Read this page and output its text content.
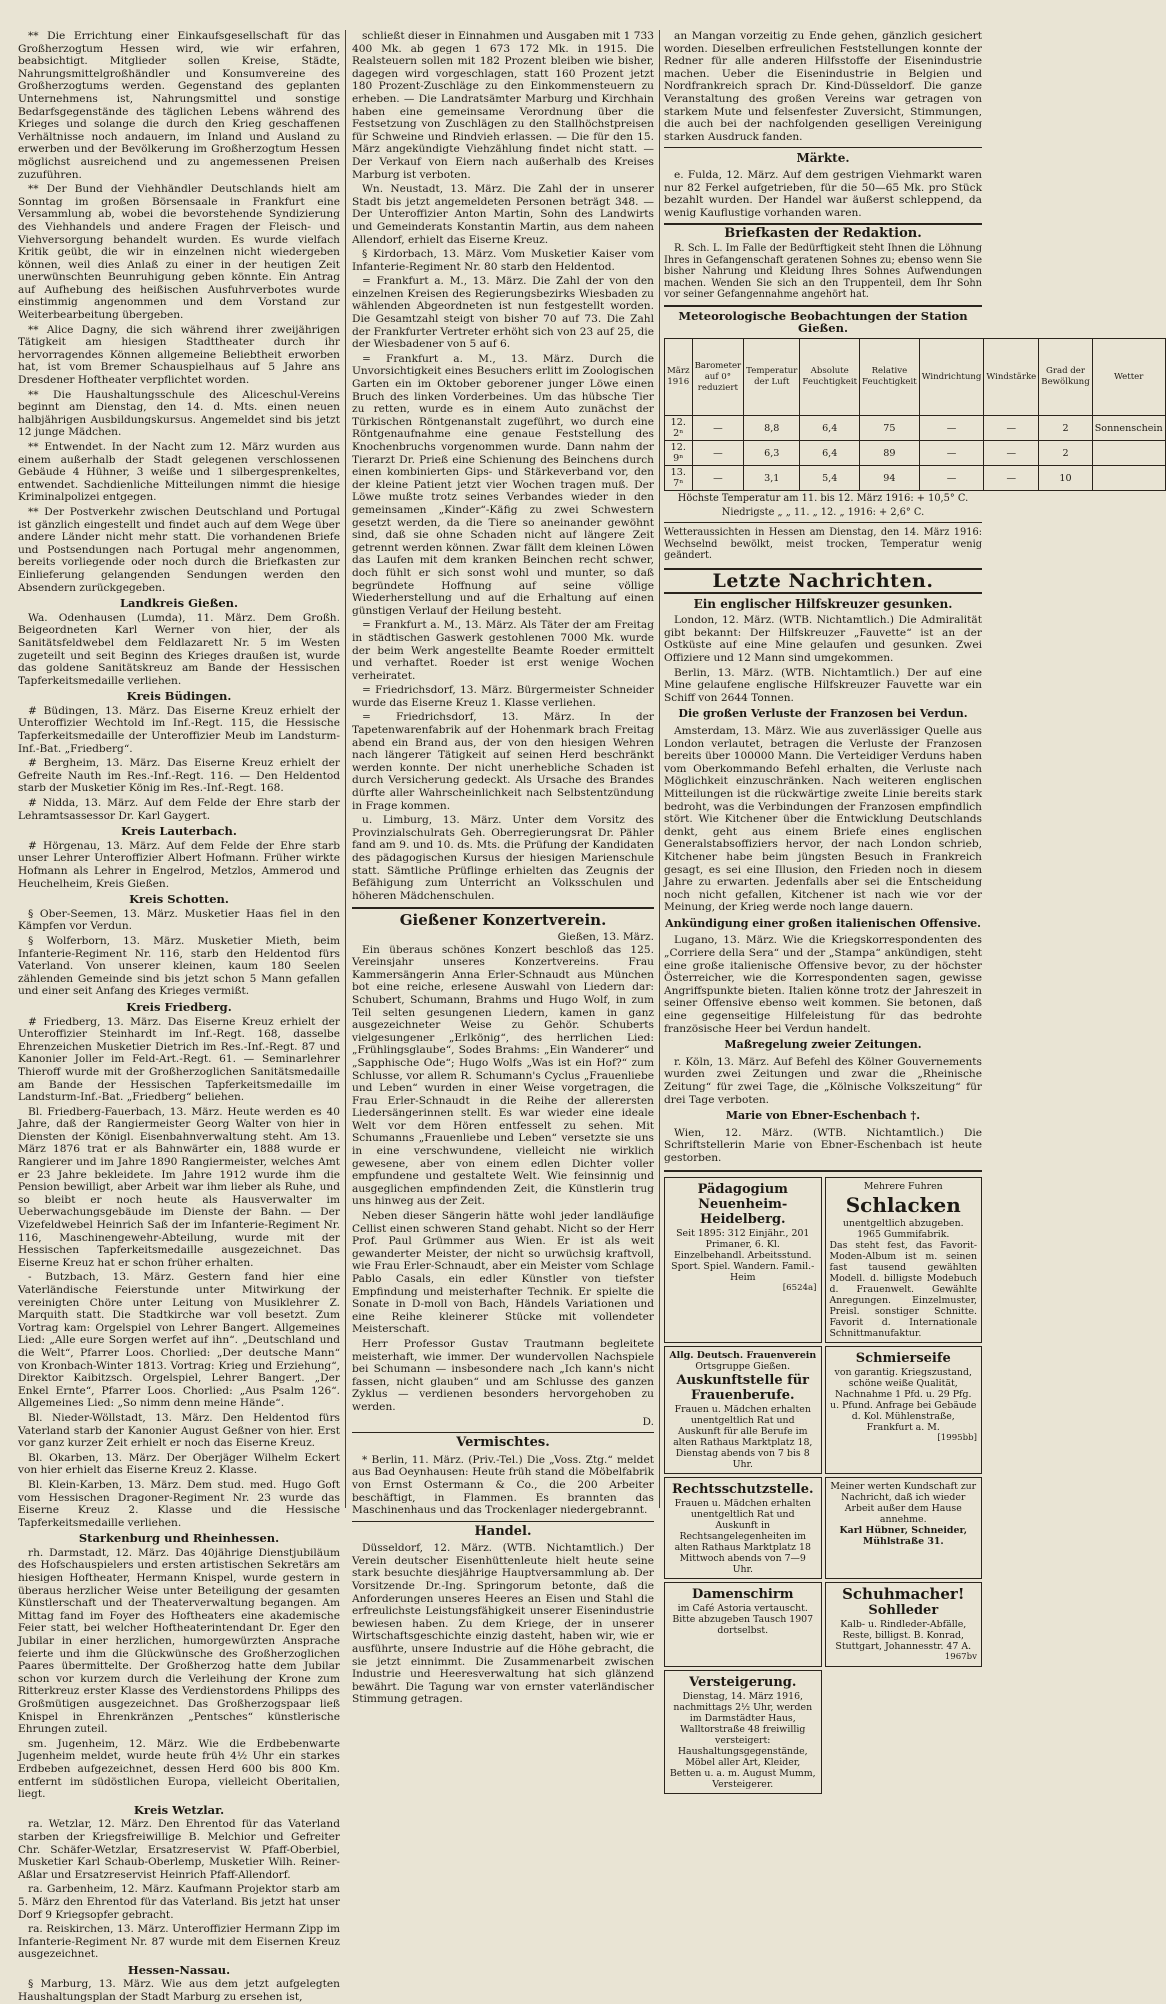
** Die Errichtung einer Einkaufsgesellschaft für das Großherzogtum Hessen wird, wie wir erfahren, beabsichtigt. Mitglieder sollen Kreise, Städte, Nahrungsmittelgroßhändler und Konsumvereine des Großherzogtums werden. Gegenstand des geplanten Unternehmens ist, Nahrungsmittel und sonstige Bedarfsgegenstände des täglichen Lebens während des Krieges und solange die durch den Krieg geschaffenen Verhältnisse noch andauern, im Inland und Ausland zu erwerben und der Bevölkerung im Großherzogtum Hessen möglichst ausreichend und zu angemessenen Preisen zuzuführen.

** Der Bund der Viehhändler Deutschlands hielt am Sonntag im großen Börsensaale in Frankfurt eine Versammlung ab, wobei die bevorstehende Syndizierung des Viehhandels und andere Fragen der Fleisch- und Viehversorgung behandelt wurden. Es wurde vielfach Kritik geübt, die wir in einzelnen nicht wiedergeben können, weil dies Anlaß zu einer in der heutigen Zeit unerwünschten Beunruhigung geben könnte. Ein Antrag auf Aufhebung des heißischen Ausfuhrverbotes wurde einstimmig angenommen und dem Vorstand zur Weiterbearbeitung übergeben.

** Alice Dagny, die sich während ihrer zweijährigen Tätigkeit am hiesigen Stadttheater durch ihr hervorragendes Können allgemeine Beliebtheit erworben hat, ist vom Bremer Schauspielhaus auf 5 Jahre ans Dresdener Hoftheater verpflichtet worden.

** Die Haushaltungsschule des Aliceschul-Vereins beginnt am Dienstag, den 14. d. Mts. einen neuen halbjährigen Ausbildungskursus. Angemeldet sind bis jetzt 12 junge Mädchen.

** Entwendet. In der Nacht zum 12. März wurden aus einem außerhalb der Stadt gelegenen verschlossenen Gebäude 4 Hühner, 3 weiße und 1 silbergesprenkeltes, entwendet. Sachdienliche Mitteilungen nimmt die hiesige Kriminalpolizei entgegen.

** Der Postverkehr zwischen Deutschland und Portugal ist gänzlich eingestellt und findet auch auf dem Wege über andere Länder nicht mehr statt. Die vorhandenen Briefe und Postsendungen nach Portugal mehr angenommen, bereits vorliegende oder noch durch die Briefkasten zur Einlieferung gelangenden Sendungen werden den Absendern zurückgegeben.

Landkreis Gießen.

Wa. Odenhausen (Lumda), 11. März. Dem Großh. Beigeordneten Karl Werner von hier, der als Sanitätsfeldwebel dem Feldlazarett Nr. 5 im Westen zugeteilt und seit Beginn des Krieges draußen ist, wurde das goldene Sanitätskreuz am Bande der Hessischen Tapferkeitsmedaille verliehen.

Kreis Büdingen.

# Büdingen, 13. März. Das Eiserne Kreuz erhielt der Unteroffizier Wechtold im Inf.-Regt. 115, die Hessische Tapferkeitsmedaille der Unteroffizier Meub im Landsturm-Inf.-Bat. „Friedberg“.

# Bergheim, 13. März. Das Eiserne Kreuz erhielt der Gefreite Nauth im Res.-Inf.-Regt. 116. — Den Heldentod starb der Musketier König im Res.-Inf.-Regt. 168.

# Nidda, 13. März. Auf dem Felde der Ehre starb der Lehramtsassessor Dr. Karl Gaygert.

Kreis Lauterbach.

# Hörgenau, 13. März. Auf dem Felde der Ehre starb unser Lehrer Unteroffizier Albert Hofmann. Früher wirkte Hofmann als Lehrer in Engelrod, Metzlos, Ammerod und Heuchelheim, Kreis Gießen.

Kreis Schotten.

§ Ober-Seemen, 13. März. Musketier Haas fiel in den Kämpfen vor Verdun.

§ Wolferborn, 13. März. Musketier Mieth, beim Infanterie-Regiment Nr. 116, starb den Heldentod fürs Vaterland. Von unserer kleinen, kaum 180 Seelen zählenden Gemeinde sind bis jetzt schon 5 Mann gefallen und einer seit Anfang des Krieges vermißt.

Kreis Friedberg.

# Friedberg, 13. März. Das Eiserne Kreuz erhielt der Unteroffizier Steinhardt im Inf.-Regt. 168, dasselbe Ehrenzeichen Musketier Dietrich im Res.-Inf.-Regt. 87 und Kanonier Joller im Feld-Art.-Regt. 61. — Seminarlehrer Thieroff wurde mit der Großherzoglichen Sanitätsmedaille am Bande der Hessischen Tapferkeitsmedaille im Landsturm-Inf.-Bat. „Friedberg“ beliehen.

Bl. Friedberg-Fauerbach, 13. März. Heute werden es 40 Jahre, daß der Rangiermeister Georg Walter von hier in Diensten der Königl. Eisenbahnverwaltung steht. Am 13. März 1876 trat er als Bahnwärter ein, 1888 wurde er Rangierer und im Jahre 1890 Rangiermeister, welches Amt er 23 Jahre bekleidete. Im Jahre 1912 wurde ihm die Pension bewilligt, aber Arbeit war ihm lieber als Ruhe, und so bleibt er noch heute als Hausverwalter im Ueberwachungsgebäude im Dienste der Bahn. — Der Vizefeldwebel Heinrich Saß der im Infanterie-Regiment Nr. 116, Maschinengewehr-Abteilung, wurde mit der Hessischen Tapferkeitsmedaille ausgezeichnet. Das Eiserne Kreuz hat er schon früher erhalten.

- Butzbach, 13. März. Gestern fand hier eine Vaterländische Feierstunde unter Mitwirkung der vereinigten Chöre unter Leitung von Musiklehrer Z. Marquith statt. Die Stadtkirche war voll besetzt. Zum Vortrag kam: Orgelspiel von Lehrer Bangert. Allgemeines Lied: „Alle eure Sorgen werfet auf ihn“. „Deutschland und die Welt“, Pfarrer Loos. Chorlied: „Der deutsche Mann“ von Kronbach-Winter 1813. Vortrag: Krieg und Erziehung“, Direktor Kaibitzsch. Orgelspiel, Lehrer Bangert. „Der Enkel Ernte“, Pfarrer Loos. Chorlied: „Aus Psalm 126“. Allgemeines Lied: „So nimm denn meine Hände“.

Bl. Nieder-Wöllstadt, 13. März. Den Heldentod fürs Vaterland starb der Kanonier August Geßner von hier. Erst vor ganz kurzer Zeit erhielt er noch das Eiserne Kreuz.

Bl. Okarben, 13. März. Der Oberjäger Wilhelm Eckert von hier erhielt das Eiserne Kreuz 2. Klasse.

Bl. Klein-Karben, 13. März. Dem stud. med. Hugo Goft vom Hessischen Dragoner-Regiment Nr. 23 wurde das Eiserne Kreuz 2. Klasse und die Hessische Tapferkeitsmedaille verliehen.

Starkenburg und Rheinhessen.

rh. Darmstadt, 12. März. Das 40jährige Dienstjubiläum des Hofschauspielers und ersten artistischen Sekretärs am hiesigen Hoftheater, Hermann Knispel, wurde gestern in überaus herzlicher Weise unter Beteiligung der gesamten Künstlerschaft und der Theaterverwaltung begangen. Am Mittag fand im Foyer des Hoftheaters eine akademische Feier statt, bei welcher Hoftheaterintendant Dr. Eger den Jubilar in einer herzlichen, humorgewürzten Ansprache feierte und ihm die Glückwünsche des Großherzoglichen Paares übermittelte. Der Großherzog hatte dem Jubilar schon vor kurzem durch die Verleihung der Krone zum Ritterkreuz erster Klasse des Verdienstordens Philipps des Großmütigen ausgezeichnet. Das Großherzogspaar ließ Knispel in Ehrenkränzen „Pentsches“ künstlerische Ehrungen zuteil.

sm. Jugenheim, 12. März. Wie die Erdbebenwarte Jugenheim meldet, wurde heute früh 4½ Uhr ein starkes Erdbeben aufgezeichnet, dessen Herd 600 bis 800 Km. entfernt im südöstlichen Europa, vielleicht Oberitalien, liegt.

Kreis Wetzlar.

ra. Wetzlar, 12. März. Den Ehrentod für das Vaterland starben der Kriegsfreiwillige B. Melchior und Gefreiter Chr. Schäfer-Wetzlar, Ersatzreservist W. Pfaff-Oberbiel, Musketier Karl Schaub-Oberlemp, Musketier Wilh. Reiner-Aßlar und Ersatzreservist Heinrich Pfaff-Allendorf.

ra. Garbenheim, 12. März. Kaufmann Projektor starb am 5. März den Ehrentod für das Vaterland. Bis jetzt hat unser Dorf 9 Kriegsopfer gebracht.

ra. Reiskirchen, 13. März. Unteroffizier Hermann Zipp im Infanterie-Regiment Nr. 87 wurde mit dem Eisernen Kreuz ausgezeichnet.

Hessen-Nassau.

§ Marburg, 13. März. Wie aus dem jetzt aufgelegten Haushaltungsplan der Stadt Marburg zu ersehen ist,

schließt dieser in Einnahmen und Ausgaben mit 1 733 400 Mk. ab gegen 1 673 172 Mk. in 1915. Die Realsteuern sollen mit 182 Prozent bleiben wie bisher, dagegen wird vorgeschlagen, statt 160 Prozent jetzt 180 Prozent-Zuschläge zu den Einkommensteuern zu erheben. — Die Landratsämter Marburg und Kirchhain haben eine gemeinsame Verordnung über die Festsetzung von Zuschlägen zu den Stallhöchstpreisen für Schweine und Rindvieh erlassen. — Die für den 15. März angekündigte Viehzählung findet nicht statt. — Der Verkauf von Eiern nach außerhalb des Kreises Marburg ist verboten.

Wn. Neustadt, 13. März. Die Zahl der in unserer Stadt bis jetzt angemeldeten Personen beträgt 348. — Der Unteroffizier Anton Martin, Sohn des Landwirts und Gemeinderats Konstantin Martin, aus dem naheen Allendorf, erhielt das Eiserne Kreuz.

§ Kirdorbach, 13. März. Vom Musketier Kaiser vom Infanterie-Regiment Nr. 80 starb den Heldentod.

= Frankfurt a. M., 13. März. Die Zahl der von den einzelnen Kreisen des Regierungsbezirks Wiesbaden zu wählenden Abgeordneten ist nun festgestellt worden. Die Gesamtzahl steigt von bisher 70 auf 73. Die Zahl der Frankfurter Vertreter erhöht sich von 23 auf 25, die der Wiesbadener von 5 auf 6.

= Frankfurt a. M., 13. März. Durch die Unvorsichtigkeit eines Besuchers erlitt im Zoologischen Garten ein im Oktober geborener junger Löwe einen Bruch des linken Vorderbeines. Um das hübsche Tier zu retten, wurde es in einem Auto zunächst der Türkischen Röntgenanstalt zugeführt, wo durch eine Röntgenaufnahme eine genaue Feststellung des Knochenbruchs vorgenommen wurde. Dann nahm der Tierarzt Dr. Prieß eine Schienung des Beinchens durch einen kombinierten Gips- und Stärkeverband vor, den der kleine Patient jetzt vier Wochen tragen muß. Der Löwe mußte trotz seines Verbandes wieder in den gemeinsamen „Kinder“-Käfig zu zwei Schwestern gesetzt werden, da die Tiere so aneinander gewöhnt sind, daß sie ohne Schaden nicht auf längere Zeit getrennt werden können. Zwar fällt dem kleinen Löwen das Laufen mit dem kranken Beinchen recht schwer, doch fühlt er sich sonst wohl und munter, so daß begründete Hoffnung auf seine völlige Wiederherstellung und auf die Erhaltung auf einen günstigen Verlauf der Heilung besteht.

= Frankfurt a. M., 13. März. Als Täter der am Freitag in städtischen Gaswerk gestohlenen 7000 Mk. wurde der beim Werk angestellte Beamte Roeder ermittelt und verhaftet. Roeder ist erst wenige Wochen verheiratet.

= Friedrichsdorf, 13. März. Bürgermeister Schneider wurde das Eiserne Kreuz 1. Klasse verliehen.

= Friedrichsdorf, 13. März. In der Tapetenwarenfabrik auf der Hohenmark brach Freitag abend ein Brand aus, der von den hiesigen Wehren nach längerer Tätigkeit auf seinen Herd beschränkt werden konnte. Der nicht unerhebliche Schaden ist durch Versicherung gedeckt. Als Ursache des Brandes dürfte aller Wahrscheinlichkeit nach Selbstentzündung in Frage kommen.

u. Limburg, 13. März. Unter dem Vorsitz des Provinzialschulrats Geh. Oberregierungsrat Dr. Pähler fand am 9. und 10. ds. Mts. die Prüfung der Kandidaten des pädagogischen Kursus der hiesigen Marienschule statt. Sämtliche Prüflinge erhielten das Zeugnis der Befähigung zum Unterricht an Volksschulen und höheren Mädchenschulen.

Gießener Konzertverein.
Gießen, 13. März.

Ein überaus schönes Konzert beschloß das 125. Vereinsjahr unseres Konzertvereins. Frau Kammersängerin Anna Erler-Schnaudt aus München bot eine reiche, erlesene Auswahl von Liedern dar: Schubert, Schumann, Brahms und Hugo Wolf, in zum Teil selten gesungenen Liedern, kamen in ganz ausgezeichneter Weise zu Gehör. Schuberts vielgesungener „Erlkönig“, des herrlichen Lied: „Frühlingsglaube“, Sodes Brahms: „Ein Wanderer“ und „Sapphische Ode“; Hugo Wolfs „Was ist ein Hof?“ zum Schlusse, vor allem R. Schumann's Cyclus „Frauenliebe und Leben“ wurden in einer Weise vorgetragen, die Frau Erler-Schnaudt in die Reihe der allerersten Liedersängerinnen stellt. Es war wieder eine ideale Welt vor dem Hören entfesselt zu sehen. Mit Schumanns „Frauenliebe und Leben“ versetzte sie uns in eine verschwundene, vielleicht nie wirklich gewesene, aber von einem edlen Dichter voller empfundene und gestaltete Welt. Wie feinsinnig und ausgeglichen empfindenden Zeit, die Künstlerin trug uns hinweg aus der Zeit.

Neben dieser Sängerin hätte wohl jeder landläufige Cellist einen schweren Stand gehabt. Nicht so der Herr Prof. Paul Grümmer aus Wien. Er ist als weit gewanderter Meister, der nicht so urwüchsig kraftvoll, wie Frau Erler-Schnaudt, aber ein Meister vom Schlage Pablo Casals, ein edler Künstler von tiefster Empfindung und meisterhafter Technik. Er spielte die Sonate in D-moll von Bach, Händels Variationen und eine Reihe kleinerer Stücke mit vollendeter Meisterschaft.

Herr Professor Gustav Trautmann begleitete meisterhaft, wie immer. Der wundervollen Nachspiele bei Schumann — insbesondere nach „Ich kann's nicht fassen, nicht glauben“ und am Schlusse des ganzen Zyklus — verdienen besonders hervorgehoben zu werden.

D.
Vermischtes.

* Berlin, 11. März. (Priv.-Tel.) Die „Voss. Ztg.“ meldet aus Bad Oeynhausen: Heute früh stand die Möbelfabrik von Ernst Ostermann & Co., die 200 Arbeiter beschäftigt, in Flammen. Es brannten das Maschinenhaus und das Trockenlager niedergebrannt.

Handel.

Düsseldorf, 12. März. (WTB. Nichtamtlich.) Der Verein deutscher Eisenhüttenleute hielt heute seine stark besuchte diesjährige Hauptversammlung ab. Der Vorsitzende Dr.-Ing. Springorum betonte, daß die Anforderungen unseres Heeres an Eisen und Stahl die erfreulichste Leistungsfähigkeit unserer Eisenindustrie bewiesen haben. Zu dem Kriege, der in unserer Wirtschaftsgeschichte einzig dasteht, haben wir, wie er ausführte, unsere Industrie auf die Höhe gebracht, die sie jetzt einnimmt. Die Zusammenarbeit zwischen Industrie und Heeresverwaltung hat sich glänzend bewährt. Die Tagung war von ernster vaterländischer Stimmung getragen.

an Mangan vorzeitig zu Ende gehen, gänzlich gesichert worden. Dieselben erfreulichen Feststellungen konnte der Redner für alle anderen Hilfsstoffe der Eisenindustrie machen. Ueber die Eisenindustrie in Belgien und Nordfrankreich sprach Dr. Kind-Düsseldorf. Die ganze Veranstaltung des großen Vereins war getragen von starkem Mute und felsenfester Zuversicht, Stimmungen, die auch bei der nachfolgenden geselligen Vereinigung starken Ausdruck fanden.

Märkte.

e. Fulda, 12. März. Auf dem gestrigen Viehmarkt waren nur 82 Ferkel aufgetrieben, für die 50—65 Mk. pro Stück bezahlt wurden. Der Handel war äußerst schleppend, da wenig Kauflustige vorhanden waren.

Briefkasten der Redaktion.

R. Sch. L. Im Falle der Bedürftigkeit steht Ihnen die Löhnung Ihres in Gefangenschaft geratenen Sohnes zu; ebenso wenn Sie bisher Nahrung und Kleidung Ihres Sohnes Aufwendungen machen. Wenden Sie sich an den Truppenteil, dem Ihr Sohn vor seiner Gefangennahme angehört hat.

Meteorologische Beobachtungen der Station Gießen.
März 1916	Barometer auf 0° reduziert	Temperatur der Luft	Absolute Feuchtigkeit	Relative Feuchtigkeit	Windrichtung	Windstärke	Grad der Bewölkung	Wetter
12. 2ⁿ	—	8,8	6,4	75	—	—	2	Sonnenschein
12. 9ⁿ	—	6,3	6,4	89	—	—	2	
13. 7ⁿ	—	3,1	5,4	94	—	—	10	
Höchste Temperatur am 11. bis 12. März 1916: + 10,5° C.
Niedrigste „ „ 11. „ 12. „ 1916: + 2,6° C.
Wetteraussichten in Hessen am Dienstag, den 14. März 1916: Wechselnd bewölkt, meist trocken, Temperatur wenig geändert.
Letzte Nachrichten.
Ein englischer Hilfskreuzer gesunken.

London, 12. März. (WTB. Nichtamtlich.) Die Admiralität gibt bekannt: Der Hilfskreuzer „Fauvette“ ist an der Ostküste auf eine Mine gelaufen und gesunken. Zwei Offiziere und 12 Mann sind umgekommen.

Berlin, 13. März. (WTB. Nichtamtlich.) Der auf eine Mine gelaufene englische Hilfskreuzer Fauvette war ein Schiff von 2644 Tonnen.

Die großen Verluste der Franzosen bei Verdun.

Amsterdam, 13. März. Wie aus zuverlässiger Quelle aus London verlautet, betragen die Verluste der Franzosen bereits über 100000 Mann. Die Verteidiger Verduns haben vom Oberkommando Befehl erhalten, die Verluste nach Möglichkeit einzuschränken. Nach weiteren englischen Mitteilungen ist die rückwärtige zweite Linie bereits stark bedroht, was die Verbindungen der Franzosen empfindlich stört. Wie Kitchener über die Entwicklung Deutschlands denkt, geht aus einem Briefe eines englischen Generalstabsoffiziers hervor, der nach London schrieb, Kitchener habe beim jüngsten Besuch in Frankreich gesagt, es sei eine Illusion, den Frieden noch in diesem Jahre zu erwarten. Jedenfalls aber sei die Entscheidung noch nicht gefallen, Kitchener ist nach wie vor der Meinung, der Krieg werde noch lange dauern.

Ankündigung einer großen italienischen Offensive.

Lugano, 13. März. Wie die Kriegskorrespondenten des „Corriere della Sera“ und der „Stampa“ ankündigen, steht eine große italienische Offensive bevor, zu der höchster Österreicher, wie die Korrespondenten sagen, gewisse Angriffspunkte bieten. Italien könne trotz der Jahreszeit in seiner Offensive ebenso weit kommen. Sie betonen, daß eine gegenseitige Hilfeleistung für das bedrohte französische Heer bei Verdun handelt.

Maßregelung zweier Zeitungen.

r. Köln, 13. März. Auf Befehl des Kölner Gouvernements wurden zwei Zeitungen und zwar die „Rheinische Zeitung“ für zwei Tage, die „Kölnische Volkszeitung“ für drei Tage verboten.

Marie von Ebner-Eschenbach †.

Wien, 12. März. (WTB. Nichtamtlich.) Die Schriftstellerin Marie von Ebner-Eschenbach ist heute gestorben.

Pädagogium Neuenheim-Heidelberg.
Seit 1895: 312 Einjähr., 201 Primaner, 6. Kl. Einzelbehandl. Arbeitsstund. Sport. Spiel. Wandern. Famil.-Heim
[6524a]
Mehrere Fuhren
Schlacken
unentgeltlich abzugeben. 1965 Gummifabrik.
Das steht fest, das Favorit-Moden-Album ist m. seinen fast tausend gewählten Modell. d. billigste Modebuch d. Frauenwelt. Gewählte Anregungen. Einzelmuster, Preisl. sonstiger Schnitte. Favorit d. Internationale Schnittmanufaktur.
Allg. Deutsch. Frauenverein
Ortsgruppe Gießen.
Auskunftstelle für Frauenberufe.
Frauen u. Mädchen erhalten unentgeltlich Rat und Auskunft für alle Berufe im alten Rathaus Marktplatz 18, Dienstag abends von 7 bis 8 Uhr.
Schmierseife
von garantig. Kriegszustand, schöne weiße Qualität, Nachnahme 1 Pfd. u. 29 Pfg. u. Pfund. Anfrage bei Gebäude d. Kol. Mühlenstraße, Frankfurt a. M.
[1995bb]
Rechtsschutzstelle.
Frauen u. Mädchen erhalten unentgeltlich Rat und Auskunft in Rechtsangelegenheiten im alten Rathaus Marktplatz 18 Mittwoch abends von 7—9 Uhr.
Meiner werten Kundschaft zur Nachricht, daß ich wieder Arbeit außer dem Hause annehme.
Karl Hübner, Schneider, Mühlstraße 31.
Damenschirm
im Café Astoria vertauscht. Bitte abzugeben Tausch 1907 dortselbst.
Schuhmacher!
Sohlleder
Kalb- u. Rindleder-Abfälle, Reste, billigst. B. Konrad, Stuttgart, Johannesstr. 47 A.
1967bv
Versteigerung.
Dienstag, 14. März 1916, nachmittags 2½ Uhr, werden im Darmstädter Haus, Walltorstraße 48 freiwillig versteigert: Haushaltungsgegenstände, Möbel aller Art, Kleider, Betten u. a. m. August Mumm, Versteigerer.
